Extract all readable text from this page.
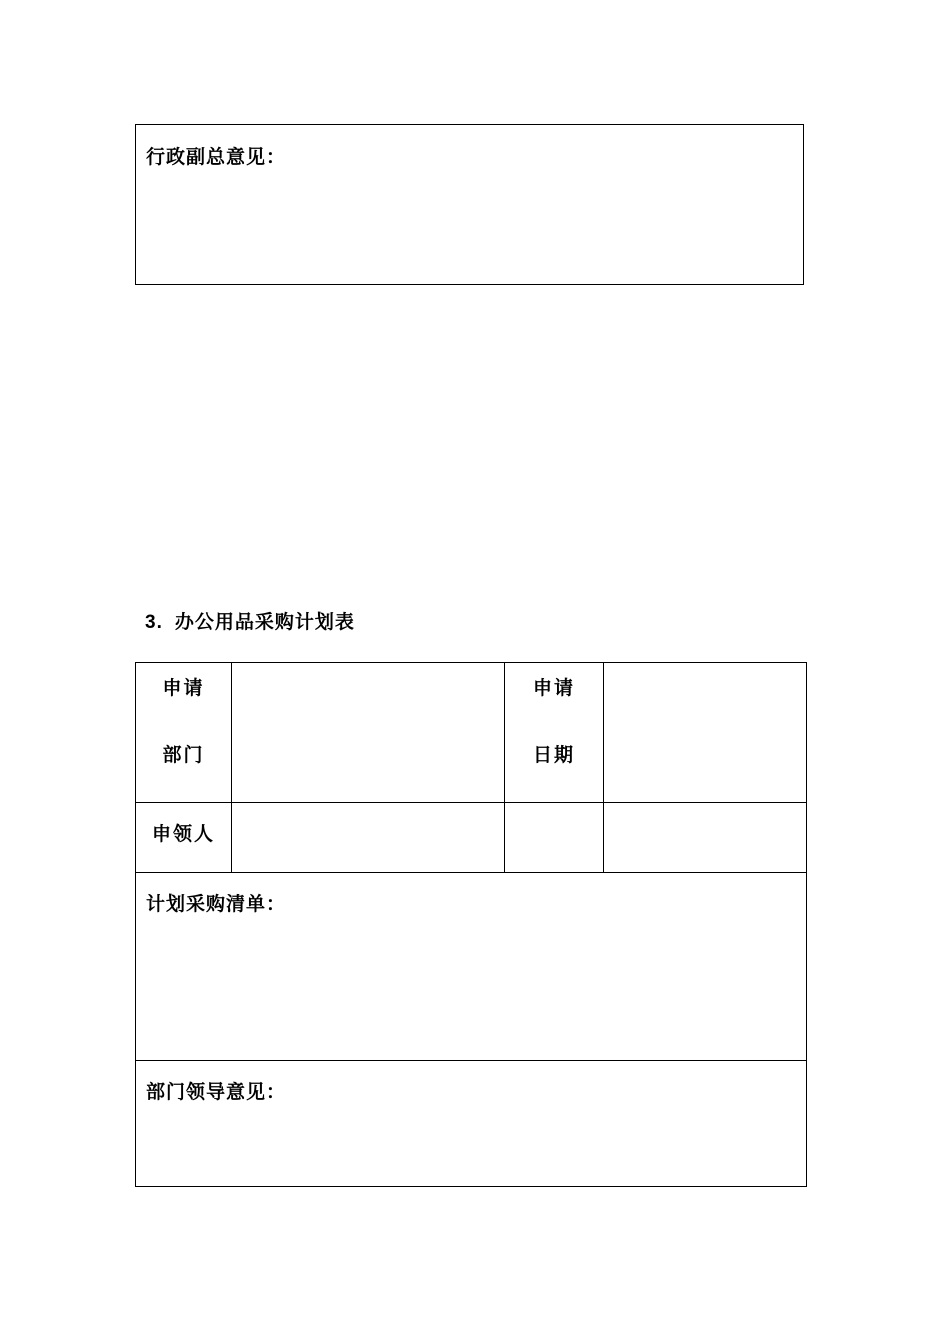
行政副总意见：
3. 办公用品采购计划表
申请
部门		申请
日期	

申领人			

计划采购清单：			

部门领导意见：			
